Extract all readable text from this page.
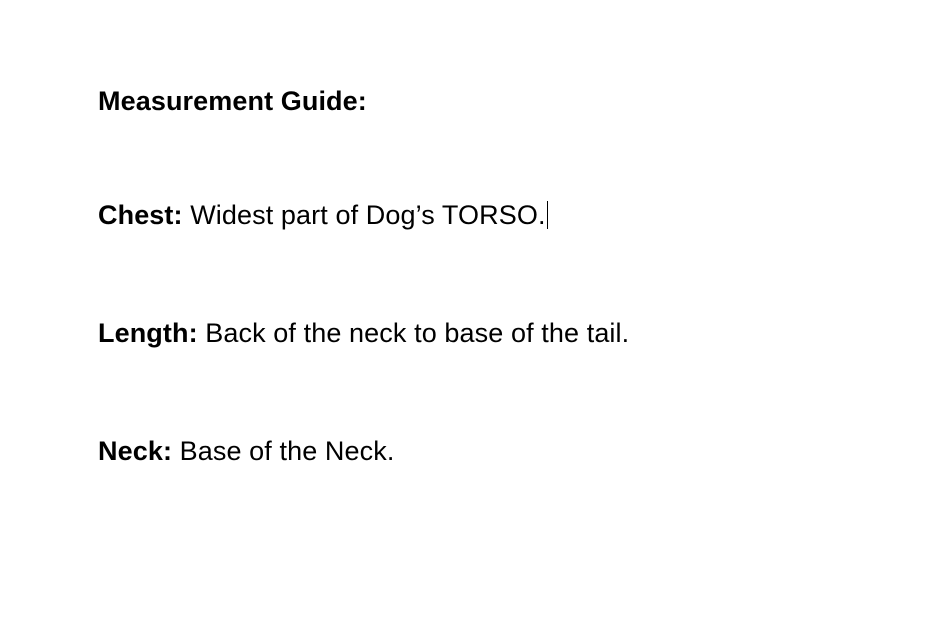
Measurement Guide:
Chest: Widest part of Dog’s TORSO.
Length: Back of the neck to base of the tail.
Neck: Base of the Neck.
